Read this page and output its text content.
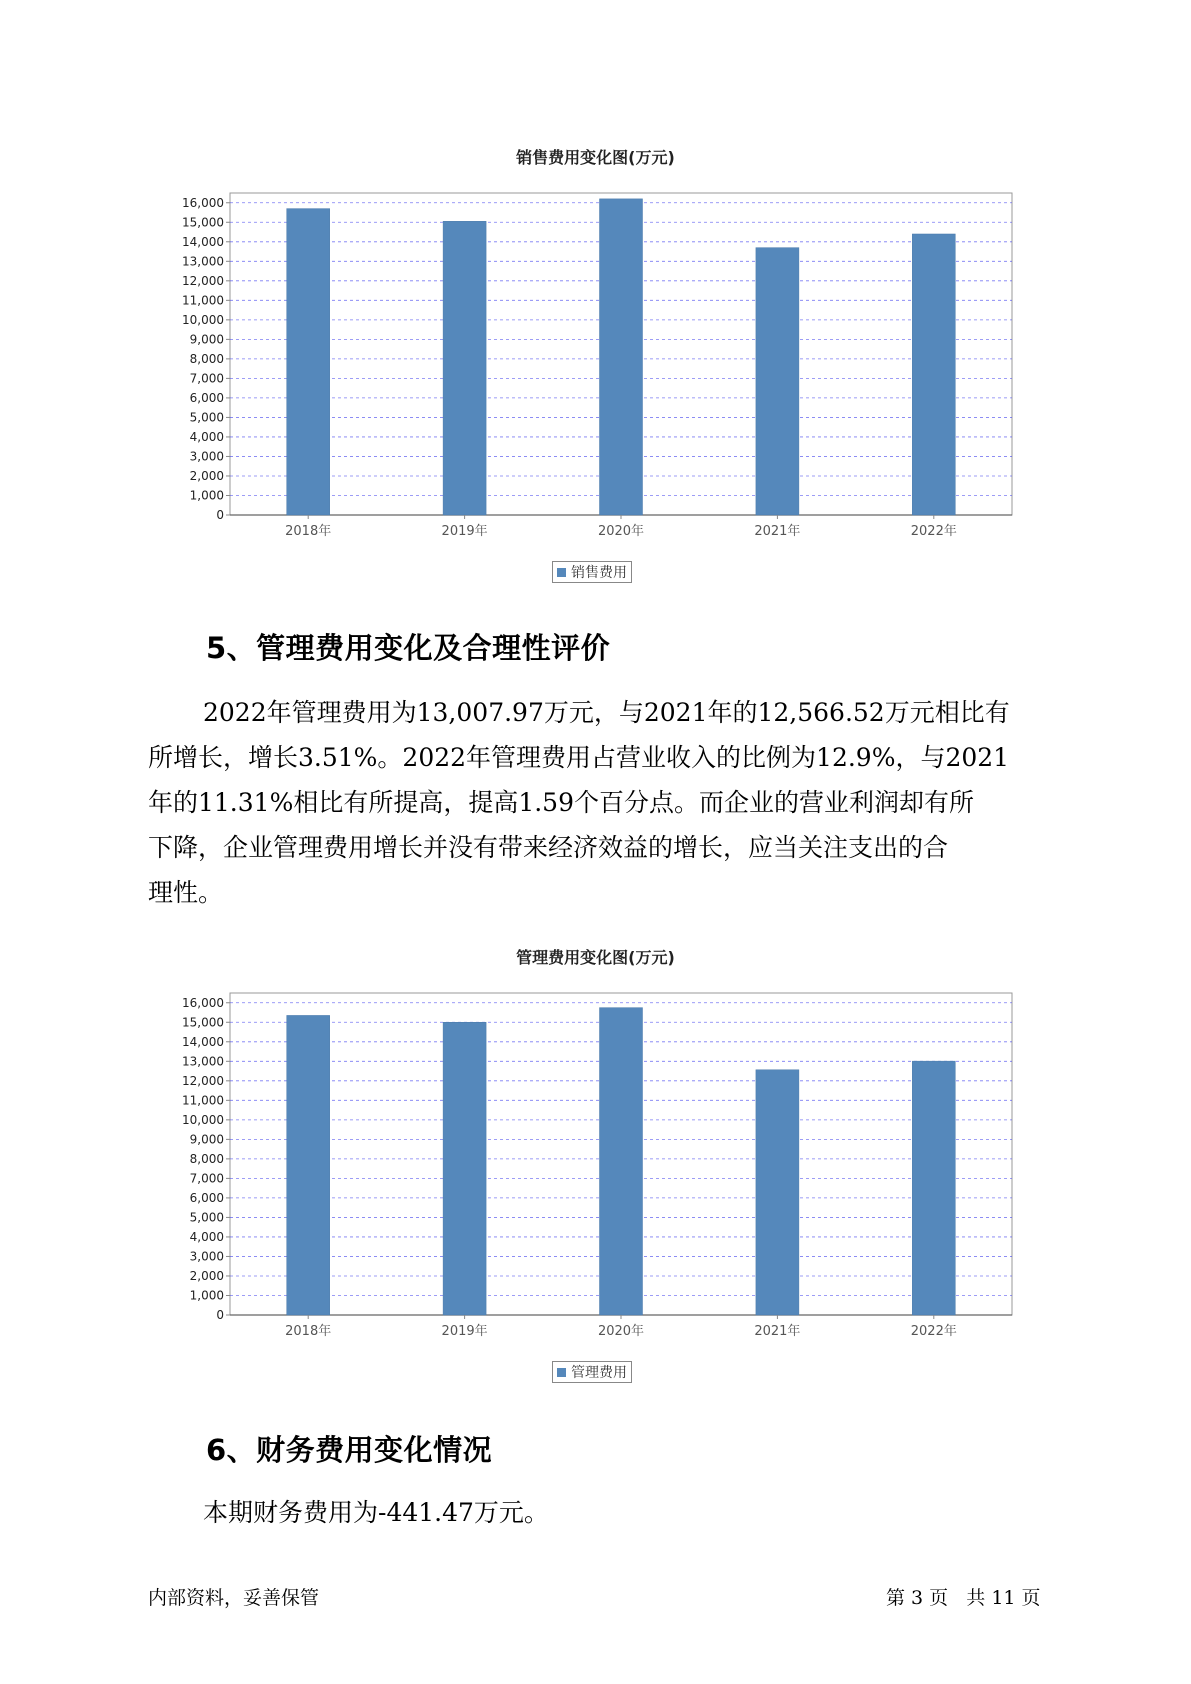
销售费用变化图(万元)
0
1,000
2,000
3,000
4,000
5,000
6,000
7,000
8,000
9,000
10,000
11,000
12,000
13,000
14,000
15,000
16,000
2018年	2019年	2020年	2021年	2022年
0
1,000
2,000
3,000
4,000
5,000
6,000
7,000
8,000
9,000
10,000
11,000
12,000
13,000
14,000
15,000
16,000
2018年	2019年	2020年	2021年	2022年
销售费用
5、管理费用变化及合理性评价
2022年管理费用为13,007.97万元，与2021年的12,566.52万元相比有
所增长，增长3.51%。2022年管理费用占营业收入的比例为12.9%，与2021
年的11.31%相比有所提高，提高1.59个百分点。而企业的营业利润却有所
下降，企业管理费用增长并没有带来经济效益的增长，应当关注支出的合
理性。
管理费用变化图(万元)
管理费用
6、财务费用变化情况
本期财务费用为-441.47万元。
内部资料，妥善保管	第 3 页   共 11 页
